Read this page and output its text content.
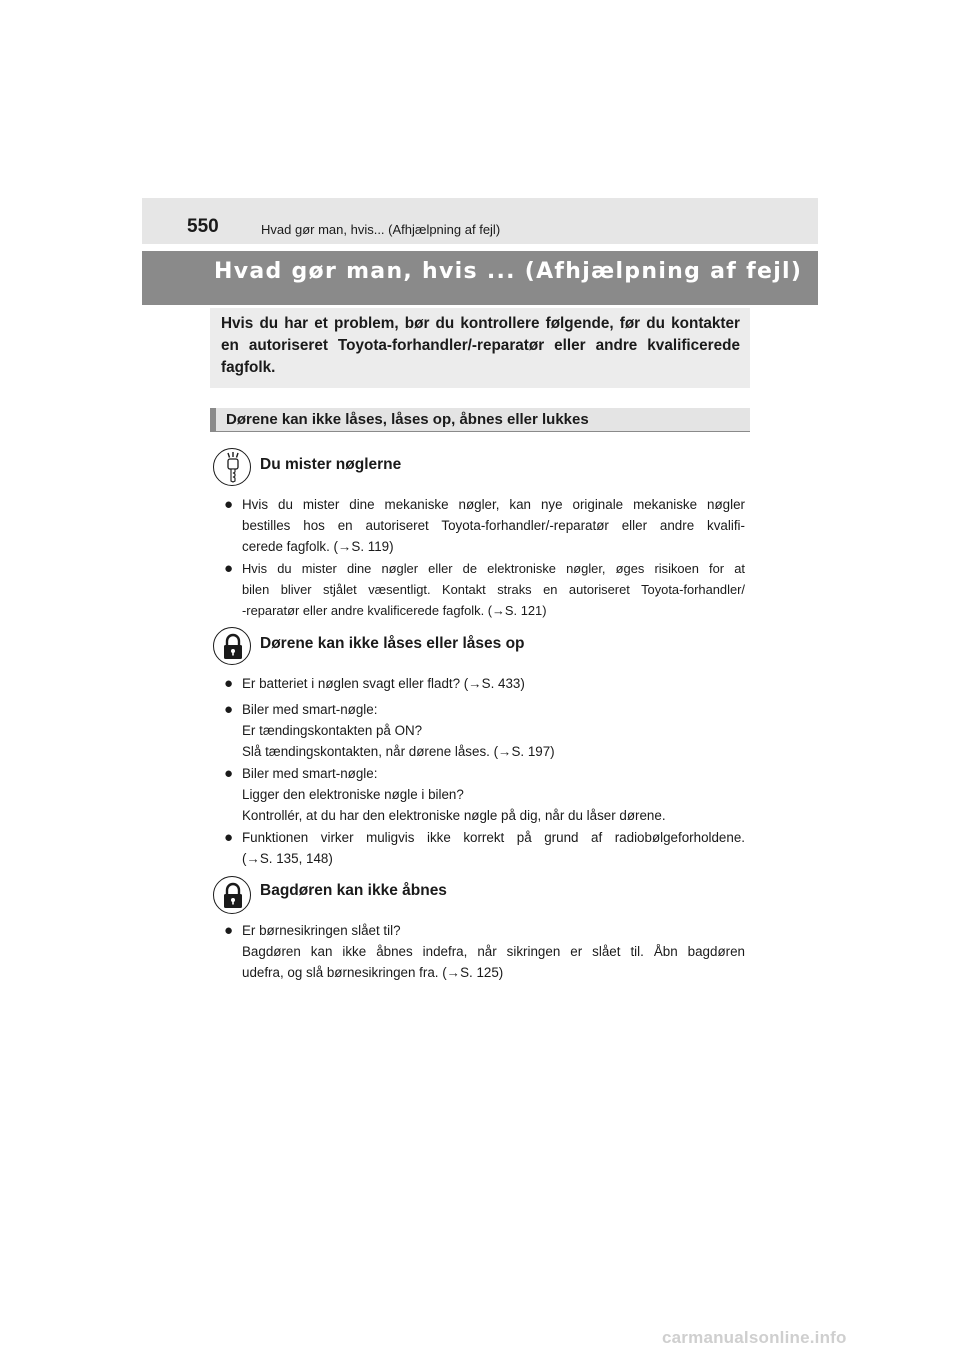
550	Hvad gør man, hvis... (Afhjælpning af fejl)
Hvad gør man, hvis ... (Afhjælpning af fejl)

Hvis du har et problem, bør du kontrollere følgende, før du kontakter en autoriseret Toyota-forhandler/-reparatør eller andre kvalificerede fagfolk.

Dørene kan ikke låses, låses op, åbnes eller lukkes
Du mister nøglerne
● Hvis du mister dine mekaniske nøgler, kan nye originale mekaniske nøgler
bestilles hos en autoriseret Toyota-forhandler/-reparatør eller andre kvalifi-
cerede fagfolk. (→S. 119)

● Hvis du mister dine nøgler eller de elektroniske nøgler, øges risikoen for at
bilen bliver stjålet væsentligt. Kontakt straks en autoriseret Toyota-forhandler/
-reparatør eller andre kvalificerede fagfolk. (→S. 121)

Dørene kan ikke låses eller låses op
● Er batteriet i nøglen svagt eller fladt? (→S. 433)

● Biler med smart-nøgle:
Er tændingskontakten på ON?
Slå tændingskontakten, når dørene låses. (→S. 197)

● Biler med smart-nøgle:
Ligger den elektroniske nøgle i bilen?
Kontrollér, at du har den elektroniske nøgle på dig, når du låser dørene.

● Funktionen virker muligvis ikke korrekt på grund af radiobølgeforholdene.
(→S. 135, 148)

Bagdøren kan ikke åbnes
● Er børnesikringen slået til?
Bagdøren kan ikke åbnes indefra, når sikringen er slået til. Åbn bagdøren
udefra, og slå børnesikringen fra. (→S. 125)

carmanualsonline.info
